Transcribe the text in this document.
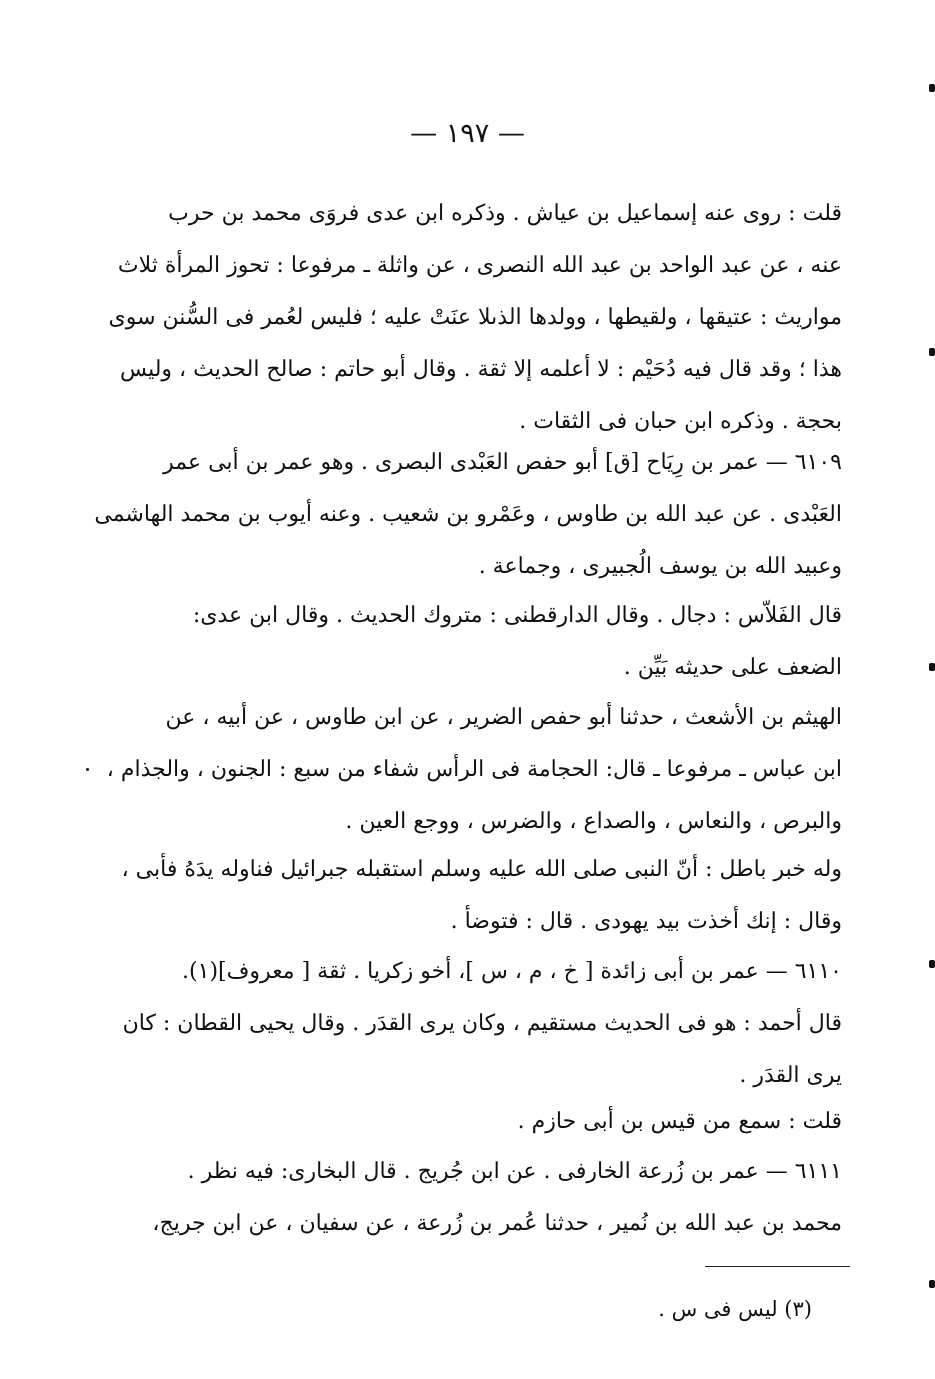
— ١٩٧ —
قلت : روى عنه إسماعيل بن عياش . وذكره ابن عدى فروَى محمد بن حرب
عنه ، عن عبد الواحد بن عبد الله النصرى ، عن واثلة ـ مرفوعا : تحوز المرأة ثلاث
مواريث : عتيقها ، ولقيطها ، وولدها الذىلا عنَتْ عليه ؛ فليس لعُمر فى السُّنن سوى
هذا ؛ وقد قال فيه دُحَيْم : لا أعلمه إلا ثقة . وقال أبو حاتم : صالح الحديث ، وليس
بحجة . وذكره ابن حبان فى الثقات .
٦١٠٩ — عمر بن رِيَاح [ق] أبو حفص العَبْدى البصرى . وهو عمر بن أبى عمر
العَبْدى . عن عبد الله بن طاوس ، وعَمْرو بن شعيب . وعنه أيوب بن محمد الهاشمى
وعبيد الله بن يوسف الُجبيرى ، وجماعة .
قال الفَلاّس : دجال . وقال الدارقطنى : متروك الحديث . وقال ابن عدى:
الضعف على حديثه بَيِّن .
الهيثم بن الأشعث ، حدثنا أبو حفص الضرير ، عن ابن طاوس ، عن أبيه ، عن
ابن عباس ـ مرفوعا ـ قال: الحجامة فى الرأس شفاء من سبع : الجنون ، والجذام ،
والبرص ، والنعاس ، والصداع ، والضرس ، ووجع العين .
وله خبر باطل : أنّ النبى صلى الله عليه وسلم استقبله جبرائيل فناوله يدَهُ فأبى ،
وقال : إنك أخذت بيد يهودى . قال : فتوضأ .
٦١١٠ — عمر بن أبى زائدة [ خ ، م ، س ]، أخو زكريا . ثقة [ معروف](١).
قال أحمد : هو فى الحديث مستقيم ، وكان يرى القدَر . وقال يحيى القطان : كان
يرى القدَر .
قلت : سمع من قيس بن أبى حازم .
٦١١١ — عمر بن زُرعة الخارفى . عن ابن جُريج . قال البخارى: فيه نظر .
محمد بن عبد الله بن نُمير ، حدثنا عُمر بن زُرعة ، عن سفيان ، عن ابن جريج،
(٣) ليس فى س .
